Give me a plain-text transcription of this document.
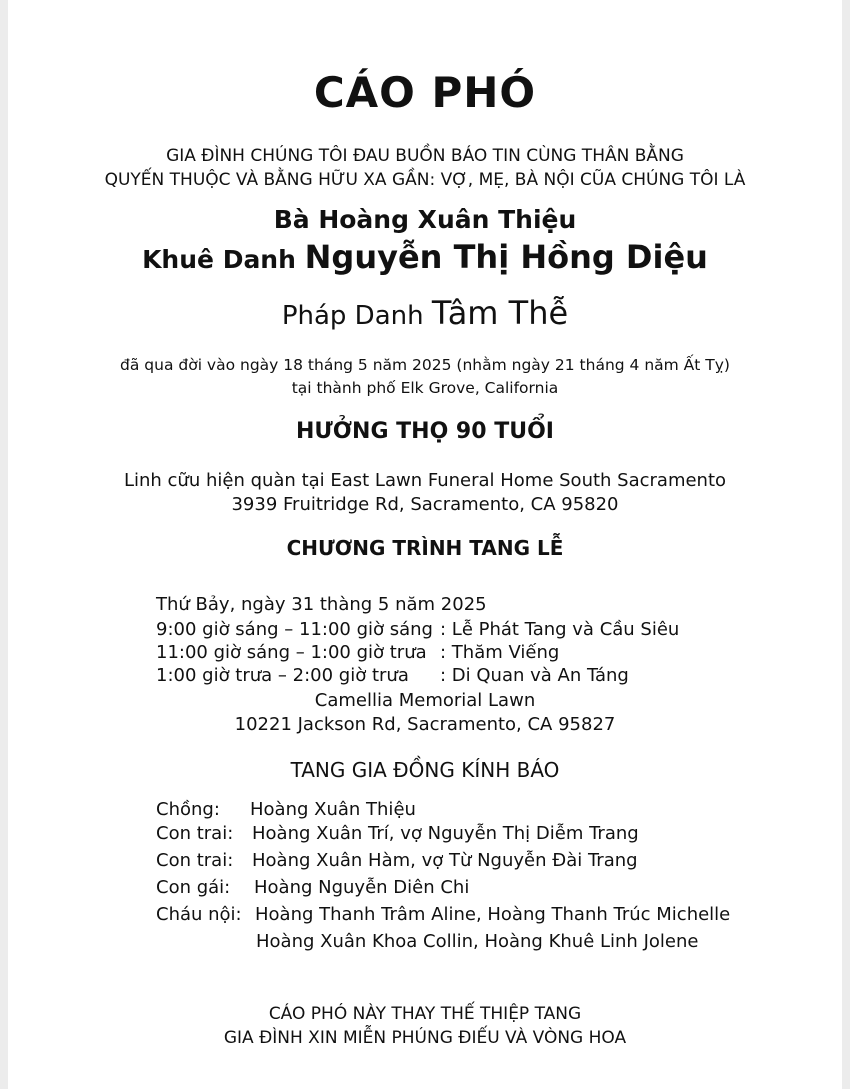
CÁO PHÓ
GIA ĐÌNH CHÚNG TÔI ĐAU BUỒN BÁO TIN CÙNG THÂN BẰNG
QUYẾN THUỘC VÀ BẰNG HỮU XA GẦN: VỢ, MẸ, BÀ NỘI CŨA CHÚNG TÔI LÀ
Bà Hoàng Xuân Thiệu
Khuê Danh Nguyễn Thị Hồng Diệu
Pháp Danh Tâm Thễ
đã qua đời vào ngày 18 tháng 5 năm 2025 (nhằm ngày 21 tháng 4 năm Ất Tỵ)
tại thành phố Elk Grove, California
HƯỞNG THỌ 90 TUỔI
Linh cữu hiện quàn tại East Lawn Funeral Home South Sacramento
3939 Fruitridge Rd, Sacramento, CA 95820
CHƯƠNG TRÌNH TANG LỄ
Thứ Bảy, ngày 31 thàng 5 năm 2025
9:00 giờ sáng – 11:00 giờ sáng : Lễ Phát Tang và Cầu Siêu
11:00 giờ sáng – 1:00 giờ trưa : Thăm Viếng
1:00 giờ trưa – 2:00 giờ trưa : Di Quan và An Táng
Camellia Memorial Lawn
10221 Jackson Rd, Sacramento, CA 95827
TANG GIA ĐỒNG KÍNH BÁO
Chồng: Hoàng Xuân Thiệu
Con trai: Hoàng Xuân Trí, vợ Nguyễn Thị Diễm Trang
Con trai: Hoàng Xuân Hàm, vợ Từ Nguyễn Đài Trang
Con gái: Hoàng Nguyễn Diên Chi
Cháu nội: Hoàng Thanh Trâm Aline, Hoàng Thanh Trúc Michelle
Hoàng Xuân Khoa Collin, Hoàng Khuê Linh Jolene
CÁO PHÓ NÀY THAY THẾ THIỆP TANG
GIA ĐÌNH XIN MIỄN PHÚNG ĐIẾU VÀ VÒNG HOA
